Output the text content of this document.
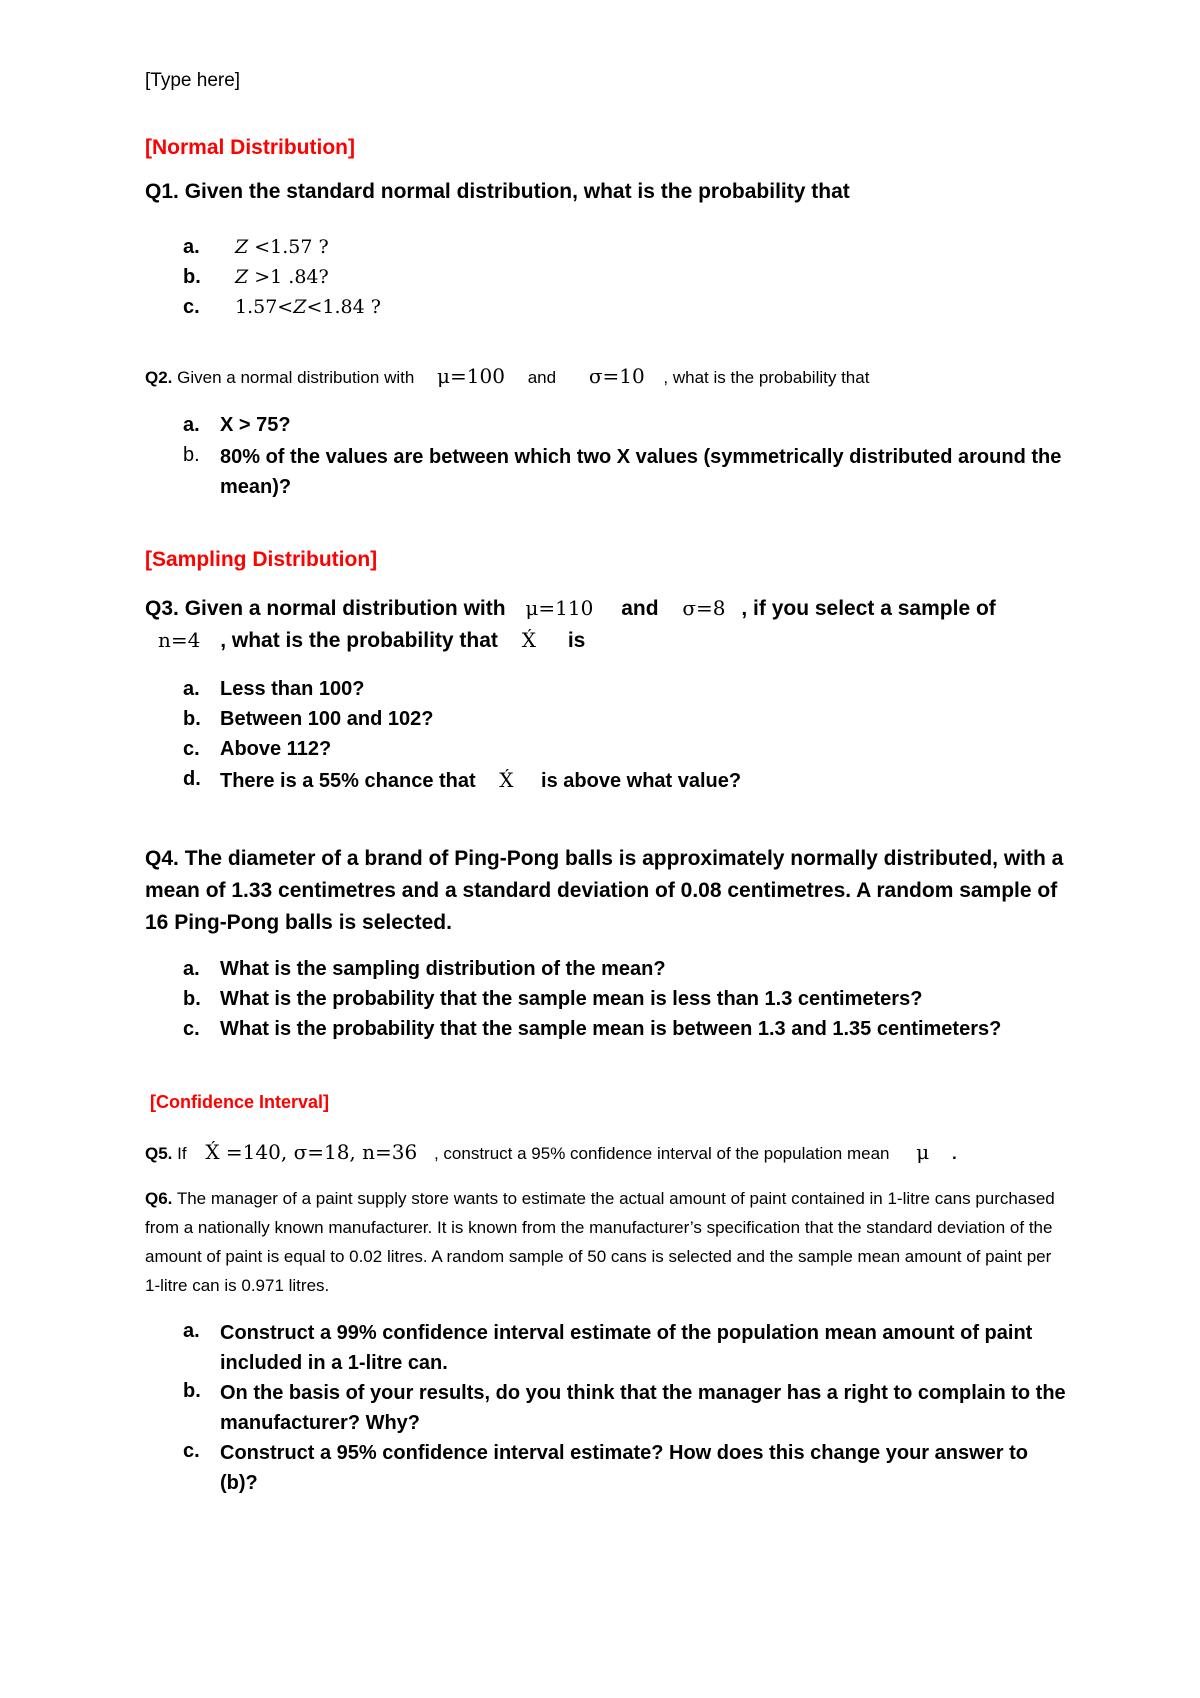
[Type here]
[Normal Distribution]
Q1. Given the standard normal distribution, what is the probability that
a. Z <1.57 ?
b. Z >1 .84?
c. 1.57<Z<1.84 ?
Q2. Given a normal distribution with μ=100 and σ=10 , what is the probability that
a. X > 75?
b. 80% of the values are between which two X values (symmetrically distributed around the mean)?
[Sampling Distribution]
Q3. Given a normal distribution with μ=110 and σ=8 , if you select a sample of
n=4 , what is the probability that X́ is
a. Less than 100?
b. Between 100 and 102?
c. Above 112?
d. There is a 55% chance that X́ is above what value?
Q4. The diameter of a brand of Ping-Pong balls is approximately normally distributed, with a mean of 1.33 centimetres and a standard deviation of 0.08 centimetres. A random sample of 16 Ping-Pong balls is selected.
a. What is the sampling distribution of the mean?
b. What is the probability that the sample mean is less than 1.3 centimeters?
c. What is the probability that the sample mean is between 1.3 and 1.35 centimeters?
[Confidence Interval]
Q5. If X́ =140, σ=18, n=36 , construct a 95% confidence interval of the population mean μ .
Q6. The manager of a paint supply store wants to estimate the actual amount of paint contained in 1-litre cans purchased from a nationally known manufacturer. It is known from the manufacturer’s specification that the standard deviation of the amount of paint is equal to 0.02 litres. A random sample of 50 cans is selected and the sample mean amount of paint per 1-litre can is 0.971 litres.
a. Construct a 99% confidence interval estimate of the population mean amount of paint included in a 1-litre can.
b. On the basis of your results, do you think that the manager has a right to complain to the manufacturer? Why?
c. Construct a 95% confidence interval estimate? How does this change your answer to (b)?
